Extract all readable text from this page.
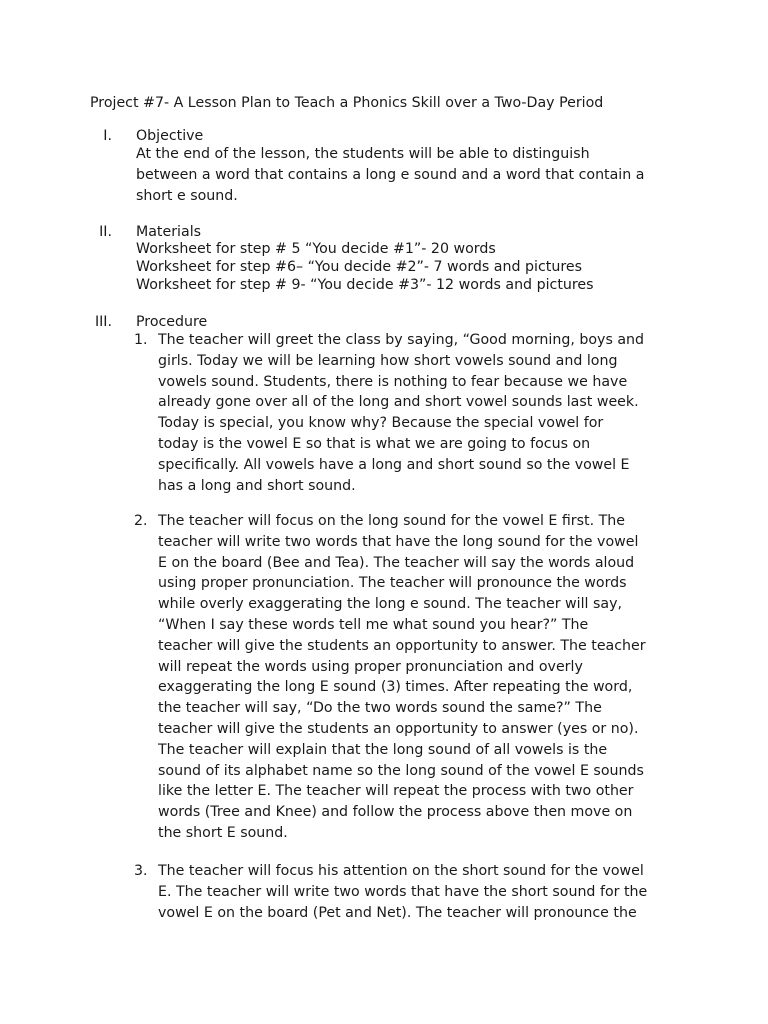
Project #7- A Lesson Plan to Teach a Phonics Skill over a Two-Day Period
I. Objective
At the end of the lesson, the students will be able to distinguish
between a word that contains a long e sound and a word that contain a
short e sound.
II. Materials
Worksheet for step # 5 “You decide #1”- 20 words
Worksheet for step #6– “You decide #2”- 7 words and pictures
Worksheet for step # 9- “You decide #3”- 12 words and pictures
III. Procedure
1. The teacher will greet the class by saying, “Good morning, boys and
girls. Today we will be learning how short vowels sound and long
vowels sound. Students, there is nothing to fear because we have
already gone over all of the long and short vowel sounds last week.
Today is special, you know why? Because the special vowel for
today is the vowel E so that is what we are going to focus on
specifically. All vowels have a long and short sound so the vowel E
has a long and short sound.
2. The teacher will focus on the long sound for the vowel E first. The
teacher will write two words that have the long sound for the vowel
E on the board (Bee and Tea). The teacher will say the words aloud
using proper pronunciation. The teacher will pronounce the words
while overly exaggerating the long e sound. The teacher will say,
“When I say these words tell me what sound you hear?” The
teacher will give the students an opportunity to answer. The teacher
will repeat the words using proper pronunciation and overly
exaggerating the long E sound (3) times. After repeating the word,
the teacher will say, “Do the two words sound the same?” The
teacher will give the students an opportunity to answer (yes or no).
The teacher will explain that the long sound of all vowels is the
sound of its alphabet name so the long sound of the vowel E sounds
like the letter E. The teacher will repeat the process with two other
words (Tree and Knee) and follow the process above then move on
the short E sound.
3. The teacher will focus his attention on the short sound for the vowel
E. The teacher will write two words that have the short sound for the
vowel E on the board (Pet and Net). The teacher will pronounce the
